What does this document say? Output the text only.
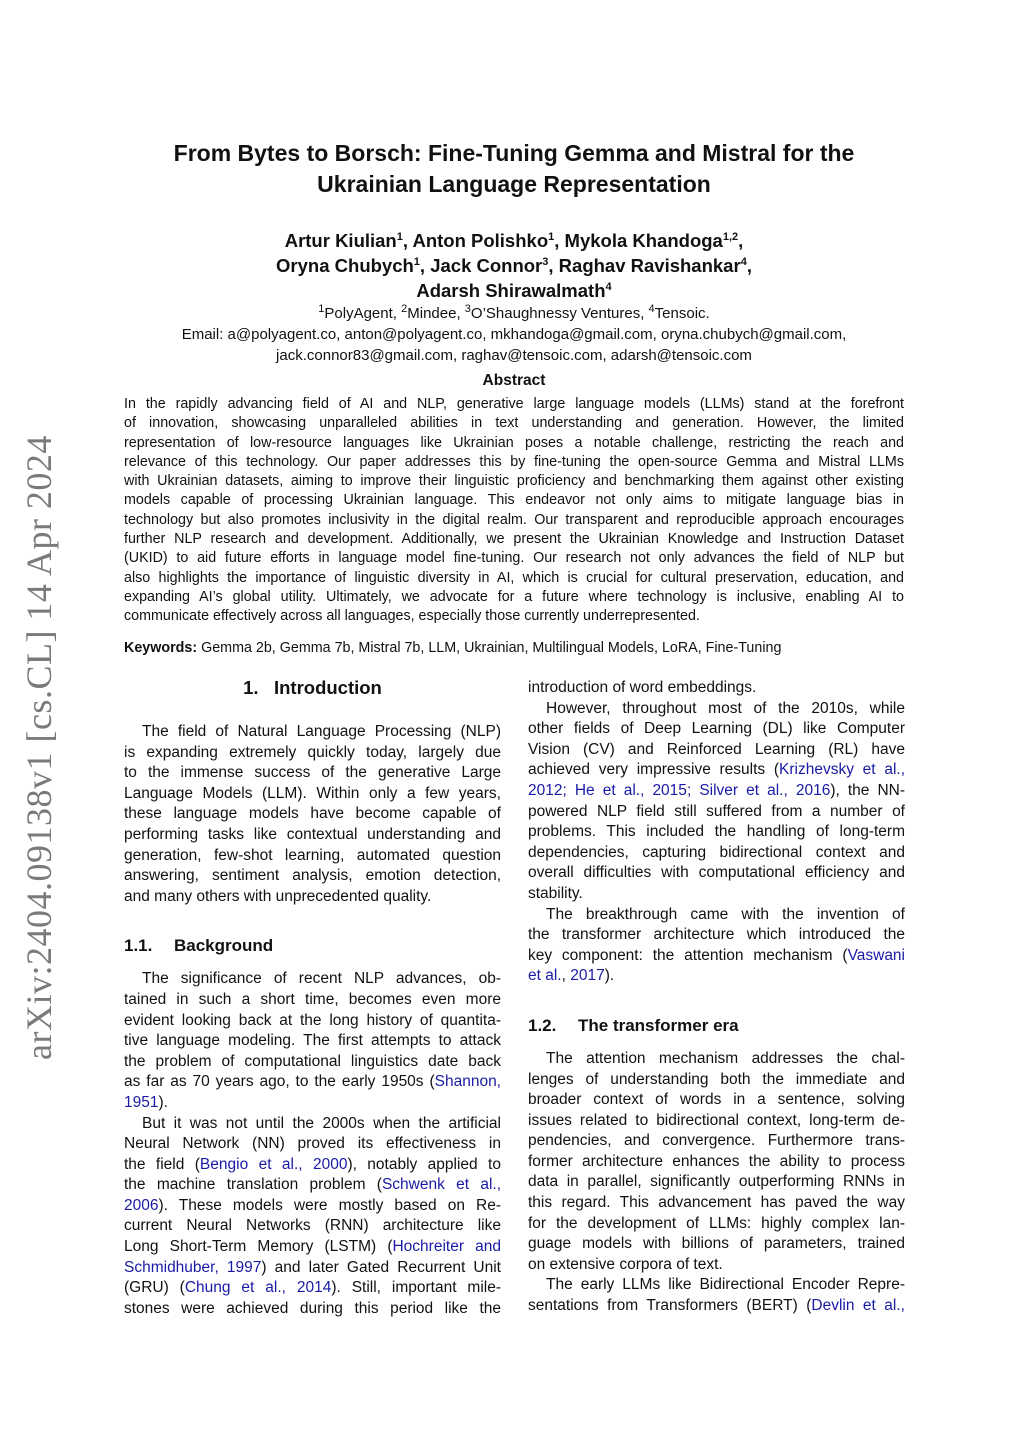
arXiv:2404.09138v1 [cs.CL] 14 Apr 2024
From Bytes to Borsch: Fine-Tuning Gemma and Mistral for the
Ukrainian Language Representation
Artur Kiulian$^1$, Anton Polishko$^1$, Mykola Khandoga$^{1,2}$,
Oryna Chubych$^1$, Jack Connor$^3$, Raghav Ravishankar$^4$,
Adarsh Shirawalmath$^4$
$^1$PolyAgent, $^2$Mindee, $^3$O’Shaughnessy Ventures, $^4$Tensoic.
Email: a@polyagent.co, anton@polyagent.co, mkhandoga@gmail.com, oryna.chubych@gmail.com,
jack.connor83@gmail.com, raghav@tensoic.com, adarsh@tensoic.com
Abstract
In the rapidly advancing field of AI and NLP, generative large language models (LLMs) stand at the forefront
of innovation, showcasing unparalleled abilities in text understanding and generation. However, the limited
representation of low-resource languages like Ukrainian poses a notable challenge, restricting the reach and
relevance of this technology. Our paper addresses this by fine-tuning the open-source Gemma and Mistral LLMs
with Ukrainian datasets, aiming to improve their linguistic proficiency and benchmarking them against other existing
models capable of processing Ukrainian language. This endeavor not only aims to mitigate language bias in
technology but also promotes inclusivity in the digital realm. Our transparent and reproducible approach encourages
further NLP research and development. Additionally, we present the Ukrainian Knowledge and Instruction Dataset
(UKID) to aid future efforts in language model fine-tuning. Our research not only advances the field of NLP but
also highlights the importance of linguistic diversity in AI, which is crucial for cultural preservation, education, and
expanding AI’s global utility. Ultimately, we advocate for a future where technology is inclusive, enabling AI to
communicate effectively across all languages, especially those currently underrepresented.
Keywords: Gemma 2b, Gemma 7b, Mistral 7b, LLM, Ukrainian, Multilingual Models, LoRA, Fine-Tuning
1. Introduction
The field of Natural Language Processing (NLP)
is expanding extremely quickly today, largely due
to the immense success of the generative Large
Language Models (LLM). Within only a few years,
these language models have become capable of
performing tasks like contextual understanding and
generation, few-shot learning, automated question
answering, sentiment analysis, emotion detection,
and many others with unprecedented quality.
1.1. Background
The significance of recent NLP advances, ob-
tained in such a short time, becomes even more
evident looking back at the long history of quantita-
tive language modeling. The first attempts to attack
the problem of computational linguistics date back
as far as 70 years ago, to the early 1950s (Shannon,
1951).
But it was not until the 2000s when the artificial
Neural Network (NN) proved its effectiveness in
the field (Bengio et al., 2000), notably applied to
the machine translation problem (Schwenk et al.,
2006). These models were mostly based on Re-
current Neural Networks (RNN) architecture like
Long Short-Term Memory (LSTM) (Hochreiter and
Schmidhuber, 1997) and later Gated Recurrent Unit
(GRU) (Chung et al., 2014). Still, important mile-
stones were achieved during this period like the
introduction of word embeddings.
However, throughout most of the 2010s, while
other fields of Deep Learning (DL) like Computer
Vision (CV) and Reinforced Learning (RL) have
achieved very impressive results (Krizhevsky et al.,
2012; He et al., 2015; Silver et al., 2016), the NN-
powered NLP field still suffered from a number of
problems. This included the handling of long-term
dependencies, capturing bidirectional context and
overall difficulties with computational efficiency and
stability.
The breakthrough came with the invention of
the transformer architecture which introduced the
key component: the attention mechanism (Vaswani
et al., 2017).
1.2. The transformer era
The attention mechanism addresses the chal-
lenges of understanding both the immediate and
broader context of words in a sentence, solving
issues related to bidirectional context, long-term de-
pendencies, and convergence. Furthermore trans-
former architecture enhances the ability to process
data in parallel, significantly outperforming RNNs in
this regard. This advancement has paved the way
for the development of LLMs: highly complex lan-
guage models with billions of parameters, trained
on extensive corpora of text.
The early LLMs like Bidirectional Encoder Repre-
sentations from Transformers (BERT) (Devlin et al.,
